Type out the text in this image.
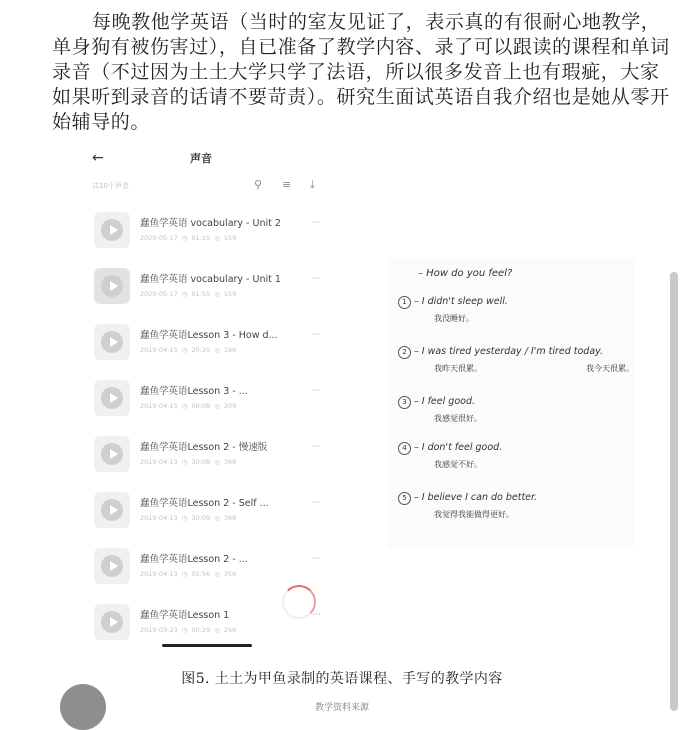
每晚教他学英语（当时的室友见证了，表示真的有很耐心地教学，单身狗有被伤害过），自已准备了教学内容、录了可以跟读的课程和单词录音（不过因为土土大学只学了法语，所以很多发音上也有瑕疵，大家如果听到录音的话请不要苛责）。研究生面试英语自我介绍也是她从零开始辅导的。
←	声音
共10个声音	⚲ ≡ ⤓
蠢鱼学英语 vocabulary - Unit 2
2020-05-17 ◷ 01:15 ◎ 159
···
蠢鱼学英语 vocabulary - Unit 1
2020-05-17 ◷ 01:50 ◎ 159
···
蠢鱼学英语Lesson 3 - How d...
2019-04-15 ◷ 20:20 ◎ 166
···
蠢鱼学英语Lesson 3 - ...
2019-04-15 ◷ 06:08 ◎ 209
···
蠢鱼学英语Lesson 2 - 慢速版
2019-04-13 ◷ 30:08 ◎ 368
···
蠢鱼学英语Lesson 2 - Self ...
2019-04-13 ◷ 30:09 ◎ 368
···
蠢鱼学英语Lesson 2 - ...
2019-04-13 ◷ 05:56 ◎ 356
···
蠢鱼学英语Lesson 1
2019-03-23 ◷ 00:29 ◎ 256
···
– How do you feel?
1 – I didn't sleep well.
我没睡好。
2 – I was tired yesterday / I'm tired today.
我昨天很累。	我今天很累。
3 – I feel good.
我感觉很好。
4 – I don't feel good.
我感觉不好。
5 – I believe I can do better.
我觉得我能做得更好。
图5. 土土为甲鱼录制的英语课程、手写的教学内容
教学资料来源
